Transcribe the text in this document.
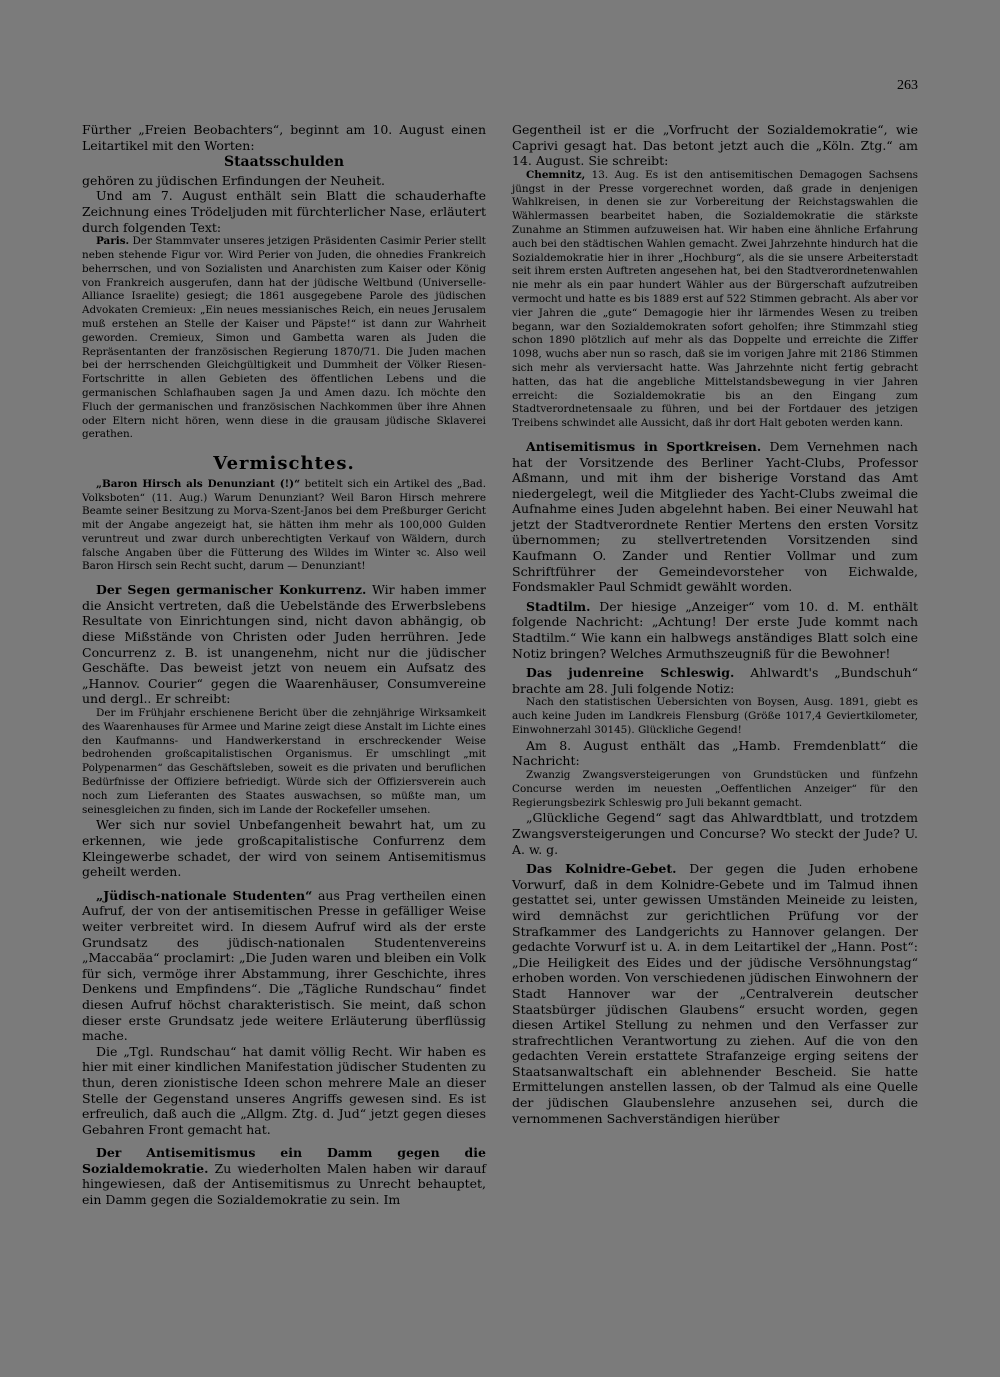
263

Fürther „Freien Beobachters“, beginnt am 10. August einen Leitartikel mit den Worten:

Staatsschulden

gehören zu jüdischen Erfindungen der Neuheit.

Und am 7. August enthält sein Blatt die schauderhafte Zeichnung eines Trödeljuden mit fürchterlicher Nase, erläutert durch folgenden Text:

Paris. Der Stammvater unseres jetzigen Präsidenten Casimir Perier stellt neben stehende Figur vor. Wird Perier von Juden, die ohnedies Frankreich beherrschen, und von Sozialisten und Anarchisten zum Kaiser oder König von Frankreich ausgerufen, dann hat der jüdische Weltbund (Universelle-Alliance Israelite) gesiegt; die 1861 ausgegebene Parole des jüdischen Advokaten Cremieux: „Ein neues messianisches Reich, ein neues Jerusalem muß erstehen an Stelle der Kaiser und Päpste!“ ist dann zur Wahrheit geworden. Cremieux, Simon und Gambetta waren als Juden die Repräsentanten der französischen Regierung 1870/71. Die Juden machen bei der herrschenden Gleichgültigkeit und Dummheit der Völker Riesen-Fortschritte in allen Gebieten des öffentlichen Lebens und die germanischen Schlafhauben sagen Ja und Amen dazu. Ich möchte den Fluch der germanischen und französischen Nachkommen über ihre Ahnen oder Eltern nicht hören, wenn diese in die grausam jüdische Sklaverei gerathen.

Vermischtes.

„Baron Hirsch als Denunziant (!)“ betitelt sich ein Artikel des „Bad. Volksboten“ (11. Aug.) Warum Denunziant? Weil Baron Hirsch mehrere Beamte seiner Besitzung zu Morva-Szent-Janos bei dem Preßburger Gericht mit der Angabe angezeigt hat, sie hätten ihm mehr als 100,000 Gulden veruntreut und zwar durch unberechtigten Verkauf von Wäldern, durch falsche Angaben über die Fütterung des Wildes im Winter ꝛc. Also weil Baron Hirsch sein Recht sucht, darum — Denunziant!

Der Segen germanischer Konkurrenz. Wir haben immer die Ansicht vertreten, daß die Uebelstände des Erwerbslebens Resultate von Einrichtungen sind, nicht davon abhängig, ob diese Mißstände von Christen oder Juden herrühren. Jede Concurrenz z. B. ist unangenehm, nicht nur die jüdischer Geschäfte. Das beweist jetzt von neuem ein Aufsatz des „Hannov. Courier“ gegen die Waarenhäuser, Consumvereine und dergl.. Er schreibt:

Der im Frühjahr erschienene Bericht über die zehnjährige Wirksamkeit des Waarenhauses für Armee und Marine zeigt diese Anstalt im Lichte eines den Kaufmanns- und Handwerkerstand in erschreckender Weise bedrohenden großcapitalistischen Organismus. Er umschlingt „mit Polypenarmen“ das Geschäftsleben, soweit es die privaten und beruflichen Bedürfnisse der Offiziere befriedigt. Würde sich der Offiziersverein auch noch zum Lieferanten des Staates auswachsen, so müßte man, um seinesgleichen zu finden, sich im Lande der Rockefeller umsehen.

Wer sich nur soviel Unbefangenheit bewahrt hat, um zu erkennen, wie jede großcapitalistische Confurrenz dem Kleingewerbe schadet, der wird von seinem Antisemitismus geheilt werden.

„Jüdisch-nationale Studenten“ aus Prag vertheilen einen Aufruf, der von der antisemitischen Presse in gefälliger Weise weiter verbreitet wird. In diesem Aufruf wird als der erste Grundsatz des jüdisch-nationalen Studentenvereins „Maccabäa“ proclamirt: „Die Juden waren und bleiben ein Volk für sich, vermöge ihrer Abstammung, ihrer Geschichte, ihres Denkens und Empfindens“. Die „Tägliche Rundschau“ findet diesen Aufruf höchst charakteristisch. Sie meint, daß schon dieser erste Grundsatz jede weitere Erläuterung überflüssig mache.

Die „Tgl. Rundschau“ hat damit völlig Recht. Wir haben es hier mit einer kindlichen Manifestation jüdischer Studenten zu thun, deren zionistische Ideen schon mehrere Male an dieser Stelle der Gegenstand unseres Angriffs gewesen sind. Es ist erfreulich, daß auch die „Allgm. Ztg. d. Jud“ jetzt gegen dieses Gebahren Front gemacht hat.

Der Antisemitismus ein Damm gegen die Sozialdemokratie. Zu wiederholten Malen haben wir darauf hingewiesen, daß der Antisemitismus zu Unrecht behauptet, ein Damm gegen die Sozialdemokratie zu sein. Im

Gegentheil ist er die „Vorfrucht der Sozialdemokratie“, wie Caprivi gesagt hat. Das betont jetzt auch die „Köln. Ztg.“ am 14. August. Sie schreibt:

Chemnitz, 13. Aug. Es ist den antisemitischen Demagogen Sachsens jüngst in der Presse vorgerechnet worden, daß grade in denjenigen Wahlkreisen, in denen sie zur Vorbereitung der Reichstagswahlen die Wählermassen bearbeitet haben, die Sozialdemokratie die stärkste Zunahme an Stimmen aufzuweisen hat. Wir haben eine ähnliche Erfahrung auch bei den städtischen Wahlen gemacht. Zwei Jahrzehnte hindurch hat die Sozialdemokratie hier in ihrer „Hochburg“, als die sie unsere Arbeiterstadt seit ihrem ersten Auftreten angesehen hat, bei den Stadtverordnetenwahlen nie mehr als ein paar hundert Wähler aus der Bürgerschaft aufzutreiben vermocht und hatte es bis 1889 erst auf 522 Stimmen gebracht. Als aber vor vier Jahren die „gute“ Demagogie hier ihr lärmendes Wesen zu treiben begann, war den Sozialdemokraten sofort geholfen; ihre Stimmzahl stieg schon 1890 plötzlich auf mehr als das Doppelte und erreichte die Ziffer 1098, wuchs aber nun so rasch, daß sie im vorigen Jahre mit 2186 Stimmen sich mehr als verviersacht hatte. Was Jahrzehnte nicht fertig gebracht hatten, das hat die angebliche Mittelstandsbewegung in vier Jahren erreicht: die Sozialdemokratie bis an den Eingang zum Stadtverordnetensaale zu führen, und bei der Fortdauer des jetzigen Treibens schwindet alle Aussicht, daß ihr dort Halt geboten werden kann.

Antisemitismus in Sportkreisen. Dem Vernehmen nach hat der Vorsitzende des Berliner Yacht-Clubs, Professor Aßmann, und mit ihm der bisherige Vorstand das Amt niedergelegt, weil die Mitglieder des Yacht-Clubs zweimal die Aufnahme eines Juden abgelehnt haben. Bei einer Neuwahl hat jetzt der Stadtverordnete Rentier Mertens den ersten Vorsitz übernommen; zu stellvertretenden Vorsitzenden sind Kaufmann O. Zander und Rentier Vollmar und zum Schriftführer der Gemeindevorsteher von Eichwalde, Fondsmakler Paul Schmidt gewählt worden.

Stadtilm. Der hiesige „Anzeiger“ vom 10. d. M. enthält folgende Nachricht: „Achtung! Der erste Jude kommt nach Stadtilm.“ Wie kann ein halbwegs anständiges Blatt solch eine Notiz bringen? Welches Armuthszeugniß für die Bewohner!

Das judenreine Schleswig. Ahlwardt's „Bundschuh“ brachte am 28. Juli folgende Notiz:

Nach den statistischen Uebersichten von Boysen, Ausg. 1891, giebt es auch keine Juden im Landkreis Flensburg (Größe 1017,4 Geviertkilometer, Einwohnerzahl 30145). Glückliche Gegend!

Am 8. August enthält das „Hamb. Fremdenblatt“ die Nachricht:

Zwanzig Zwangsversteigerungen von Grundstücken und fünfzehn Concurse werden im neuesten „Oeffentlichen Anzeiger“ für den Regierungsbezirk Schleswig pro Juli bekannt gemacht.

„Glückliche Gegend“ sagt das Ahlwardtblatt, und trotzdem Zwangsversteigerungen und Concurse? Wo steckt der Jude? U. A. w. g.

Das Kolnidre-Gebet. Der gegen die Juden erhobene Vorwurf, daß in dem Kolnidre-Gebete und im Talmud ihnen gestattet sei, unter gewissen Umständen Meineide zu leisten, wird demnächst zur gerichtlichen Prüfung vor der Strafkammer des Landgerichts zu Hannover gelangen. Der gedachte Vorwurf ist u. A. in dem Leitartikel der „Hann. Post“: „Die Heiligkeit des Eides und der jüdische Versöhnungstag“ erhoben worden. Von verschiedenen jüdischen Einwohnern der Stadt Hannover war der „Centralverein deutscher Staatsbürger jüdischen Glaubens“ ersucht worden, gegen diesen Artikel Stellung zu nehmen und den Verfasser zur strafrechtlichen Verantwortung zu ziehen. Auf die von den gedachten Verein erstattete Strafanzeige erging seitens der Staatsanwaltschaft ein ablehnender Bescheid. Sie hatte Ermittelungen anstellen lassen, ob der Talmud als eine Quelle der jüdischen Glaubenslehre anzusehen sei, durch die vernommenen Sachverständigen hierüber
